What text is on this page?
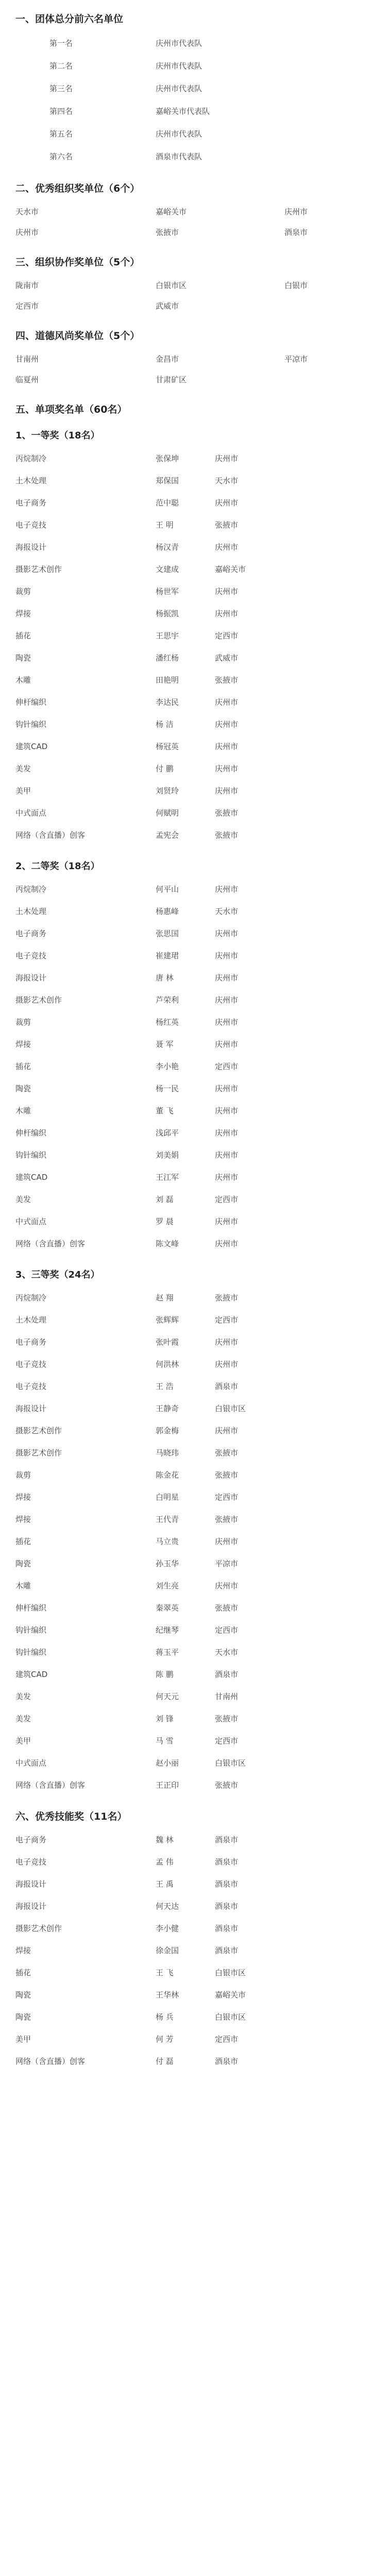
一、团体总分前六名单位
第一名	庆州市代表队
第二名	庆州市代表队
第三名	庆州市代表队
第四名	嘉峪关市代表队
第五名	庆州市代表队
第六名	酒泉市代表队
二、优秀组织奖单位（6个）
天水市	嘉峪关市	庆州市
庆州市	张掖市	酒泉市
三、组织协作奖单位（5个）
陇南市	白银市区	白银市
定西市	武威市
四、道德风尚奖单位（5个）
甘南州	金昌市	平凉市
临夏州	甘肃矿区
五、单项奖名单（60名）
1、一等奖（18名）
丙烷制冷	张保坤	庆州市
土木处理	郑保国	天水市
电子商务	范中聪	庆州市
电子竞技	王 明	张掖市
海报设计	杨汉青	庆州市
摄影艺术创作	文建成	嘉峪关市
裁剪	杨世军	庆州市
焊接	杨振凯	庆州市
插花	王思宇	定西市
陶瓷	潘红杨	武威市
木雕	田艳明	张掖市
伸杆编织	李达民	庆州市
钩针编织	杨 洁	庆州市
建筑CAD	杨冠英	庆州市
美发	付 鹏	庆州市
美甲	刘贤玲	庆州市
中式面点	何赋明	张掖市
网络（含直播）创客	孟宪会	张掖市
2、二等奖（18名）
丙烷制冷	何平山	庆州市
土木处理	杨惠峰	天水市
电子商务	张思国	庆州市
电子竞技	崔建珺	庆州市
海报设计	唐 林	庆州市
摄影艺术创作	芦荣利	庆州市
裁剪	杨红英	庆州市
焊接	聂 军	庆州市
插花	李小艳	定西市
陶瓷	杨一民	庆州市
木雕	董 飞	庆州市
伸杆编织	浅邱平	庆州市
钩针编织	刘美娟	庆州市
建筑CAD	王江军	庆州市
美发	刘 磊	定西市
中式面点	罗 晨	庆州市
网络（含直播）创客	陈文峰	庆州市
3、三等奖（24名）
丙烷制冷	赵 翔	张掖市
土木处理	张辉辉	定西市
电子商务	张叶霞	庆州市
电子竞技	何洪林	庆州市
电子竞技	王 浩	酒泉市
海报设计	王静奇	白银市区
摄影艺术创作	郭金梅	庆州市
摄影艺术创作	马晓玮	张掖市
裁剪	陈金花	张掖市
焊接	白明星	定西市
焊接	王代青	张掖市
插花	马立贵	庆州市
陶瓷	孙玉华	平凉市
木雕	刘生亮	庆州市
伸杆编织	秦翠英	张掖市
钩针编织	纪继琴	定西市
钩针编织	蒋玉平	天水市
建筑CAD	陈 鹏	酒泉市
美发	何天元	甘南州
美发	刘 锋	张掖市
美甲	马 雪	定西市
中式面点	赵小丽	白银市区
网络（含直播）创客	王正印	张掖市
六、优秀技能奖（11名）
电子商务	魏 林	酒泉市
电子竞技	孟 伟	酒泉市
海报设计	王 禹	酒泉市
海报设计	何天达	酒泉市
摄影艺术创作	李小健	酒泉市
焊接	徐金国	酒泉市
插花	王 飞	白银市区
陶瓷	王华林	嘉峪关市
陶瓷	杨 兵	白银市区
美甲	何 芳	定西市
网络（含直播）创客	付 磊	酒泉市
